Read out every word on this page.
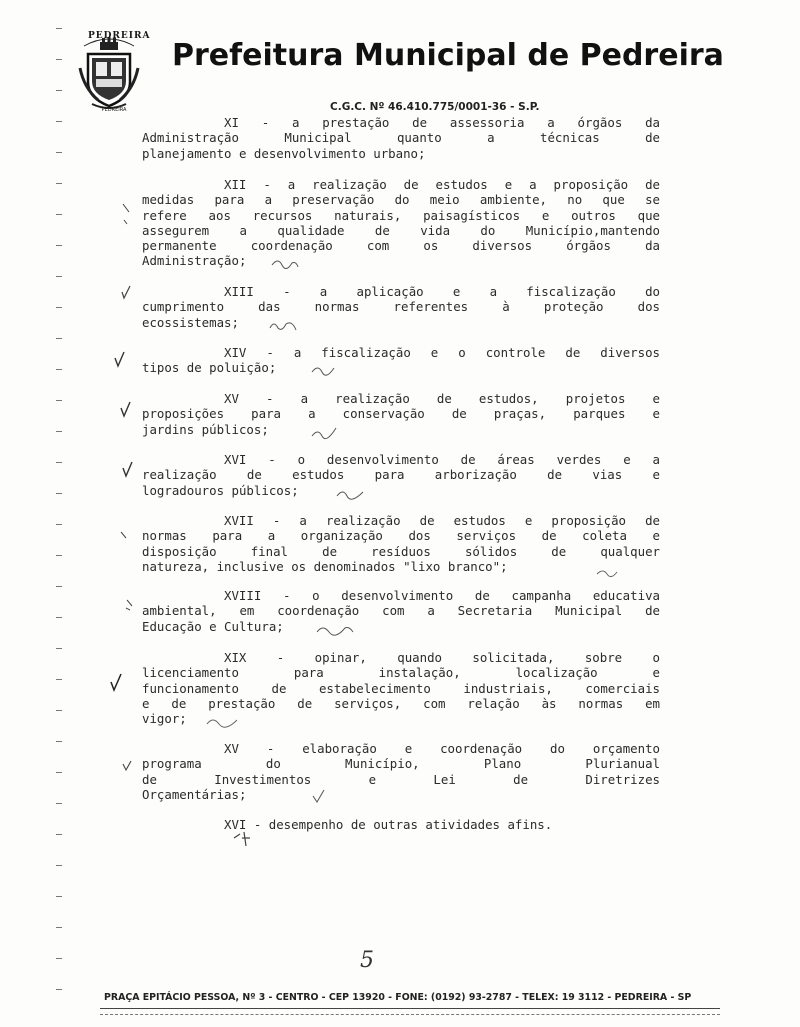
PEDREIRA
PEDREIRA
Prefeitura Municipal de Pedreira
C.G.C. Nº 46.410.775/0001-36 - S.P.
XI - a prestação de assessoria a órgãos da
Administração Municipal quanto a técnicas de
planejamento e desenvolvimento urbano;
XII - a realização de estudos e a proposição de
medidas para a preservação do meio ambiente, no que se
refere aos recursos naturais, paisagísticos e outros que
assegurem a qualidade de vida do Município,mantendo
permanente coordenação com os diversos órgãos da
Administração;
XIII - a aplicação e a fiscalização do
cumprimento das normas referentes à proteção dos
ecossistemas;
XIV - a fiscalização e o controle de diversos
tipos de poluição;
XV - a realização de estudos, projetos e
proposições para a conservação de praças, parques e
jardins públicos;
XVI - o desenvolvimento de áreas verdes e a
realização de estudos para arborização de vias e
logradouros públicos;
XVII - a realização de estudos e proposição de
normas para a organização dos serviços de coleta e
disposição final de resíduos sólidos de qualquer
natureza, inclusive os denominados "lixo branco";
XVIII - o desenvolvimento de campanha educativa
ambiental, em coordenação com a Secretaria Municipal de
Educação e Cultura;
XIX - opinar, quando solicitada, sobre o
licenciamento para instalação, localização e
funcionamento de estabelecimento industriais, comerciais
e de prestação de serviços, com relação às normas em
vigor;
XV - elaboração e coordenação do orçamento
programa do Município, Plano Plurianual
de Investimentos e Lei de Diretrizes
Orçamentárias;
XVI - desempenho de outras atividades afins.
5
PRAÇA EPITÁCIO PESSOA, Nº 3 - CENTRO - CEP 13920 - FONE: (0192) 93-2787 - TELEX: 19 3112 - PEDREIRA - SP
